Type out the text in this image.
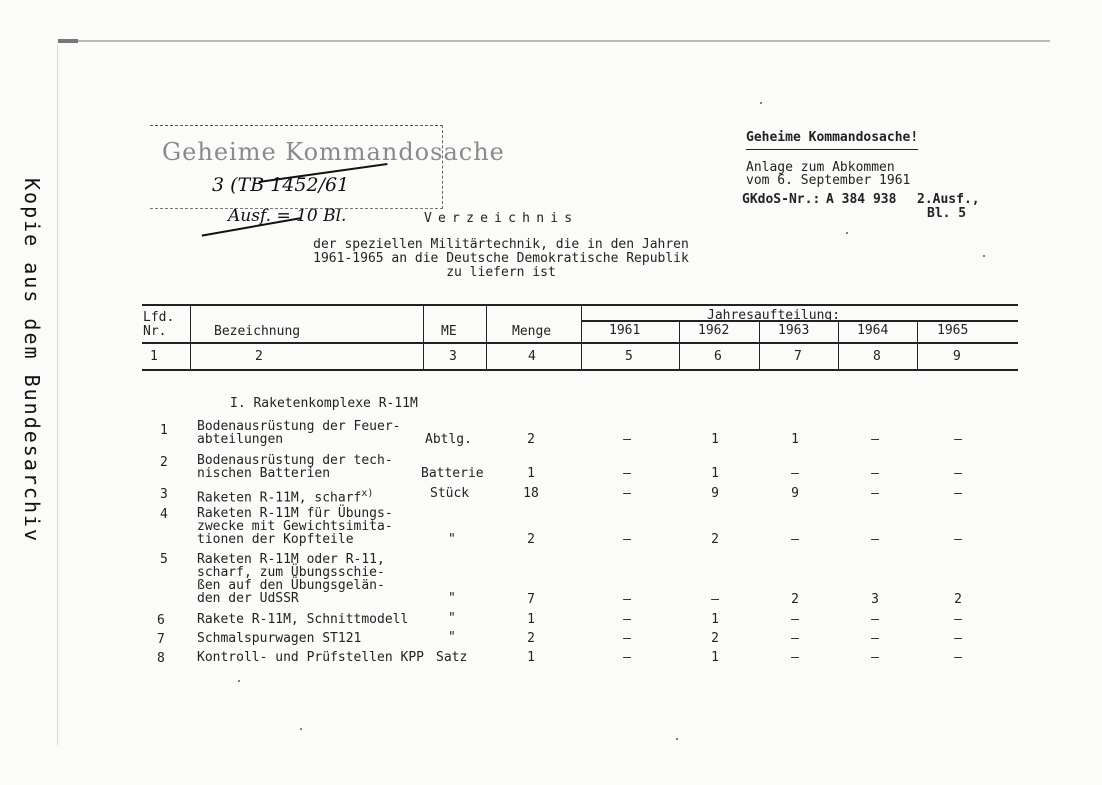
Kopie aus dem Bundesarchiv
Geheime Kommandosache
3 (TB 1452/61
Ausf. = 10 Bl.
Geheime Kommandosache!
Anlage zum Abkommen
vom 6. September 1961
GKdoS-Nr.: A 384 938 2.Ausf.,
Bl. 5
Verzeichnis
der speziellen Militärtechnik, die in den Jahren
1961-1965 an die Deutsche Demokratische Republik
zu liefern ist
Lfd.
Nr.	Bezeichnung	ME	Menge
Jahresaufteilung:
1961	1962	1963	1964	1965
1	2	3	4	5	6	7	8	9
I. Raketenkomplexe R-11M
1 Bodenausrüstung der Feuer-
abteilungen	Abtlg.	2	–	1	1	–	–
2 Bodenausrüstung der tech-
nischen Batterien	Batterie	1	–	1	–	–	–
3 Raketen R-11M, scharf$^{x)}$	Stück	18	–	9	9	–	–
4 Raketen R-11M für Übungs-
zwecke mit Gewichtsimita-
tionen der Kopfteile	"	2	–	2	–	–	–
5 Raketen R-11M oder R-11,
scharf, zum Übungsschie-
ßen auf den Übungsgelän-
den der UdSSR	"	7	–	–	2	3	2
6 Rakete R-11M, Schnittmodell	"	1	–	1	–	–	–
7 Schmalspurwagen ST121	"	2	–	2	–	–	–
8 Kontroll- und Prüfstellen KPP Satz	1	–	1	–	–	–
